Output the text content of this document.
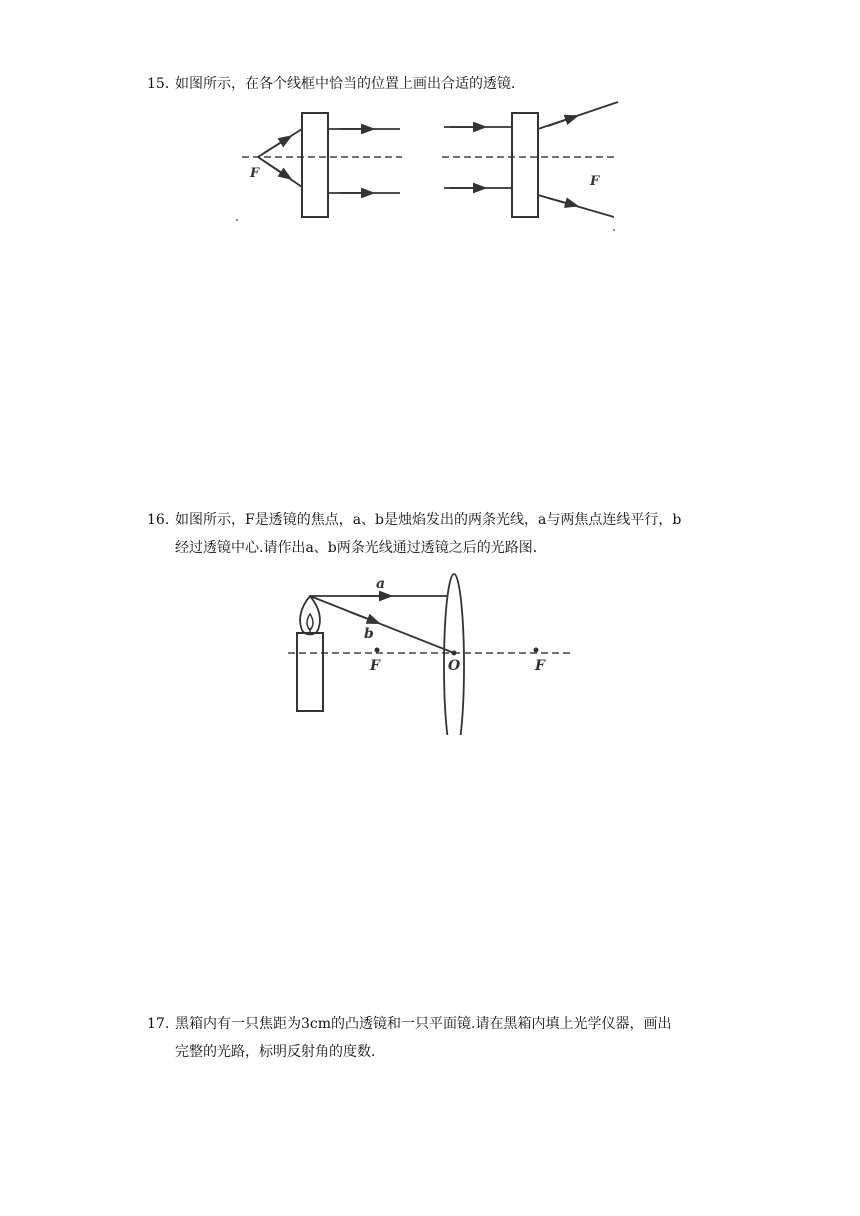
15. 如图所示，在各个线框中恰当的位置上画出合适的透镜．
F
F
16. 如图所示，F是透镜的焦点，a、b是烛焰发出的两条光线，a与两焦点连线平行，b
经过透镜中心.请作出a、b两条光线通过透镜之后的光路图．
a
b
F	O	F
17. 黑箱内有一只焦距为3cm的凸透镜和一只平面镜.请在黑箱内填上光学仪器，画出
完整的光路，标明反射角的度数．
